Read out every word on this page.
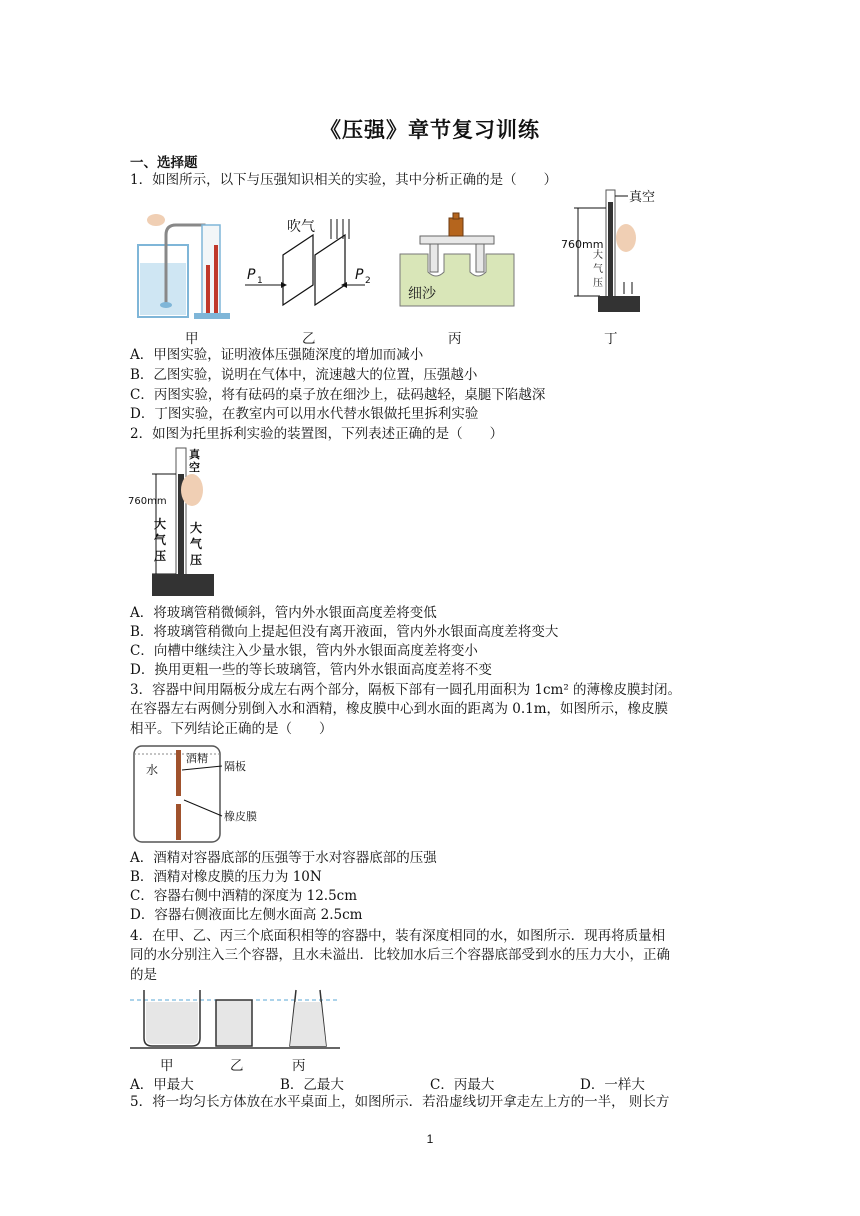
《压强》章节复习训练
一、选择题
1．如图所示，以下与压强知识相关的实验，其中分析正确的是（　　）
甲
吹气
P 1	P 2
乙
细沙
丙
真空
760mm
大
气
压
丁
A．甲图实验，证明液体压强随深度的增加而减小
B．乙图实验，说明在气体中，流速越大的位置，压强越小
C．丙图实验，将有砝码的桌子放在细沙上，砝码越轻，桌腿下陷越深
D．丁图实验，在教室内可以用水代替水银做托里拆利实验
2．如图为托里拆利实验的装置图，下列表述正确的是（　　）
真
空
760mm
大
气
压
大
气
压
A．将玻璃管稍微倾斜，管内外水银面高度差将变低
B．将玻璃管稍微向上提起但没有离开液面，管内外水银面高度差将变大
C．向槽中继续注入少量水银，管内外水银面高度差将变小
D．换用更粗一些的等长玻璃管，管内外水银面高度差将不变
3．容器中间用隔板分成左右两个部分，隔板下部有一圆孔用面积为 1cm² 的薄橡皮膜封闭。
在容器左右两侧分别倒入水和酒精，橡皮膜中心到水面的距离为 0.1m，如图所示，橡皮膜
相平。下列结论正确的是（　　）
水
酒精
隔板
橡皮膜
A．酒精对容器底部的压强等于水对容器底部的压强
B．酒精对橡皮膜的压力为 10N
C．容器右侧中酒精的深度为 12.5cm
D．容器右侧液面比左侧水面高 2.5cm
4．在甲、乙、丙三个底面积相等的容器中，装有深度相同的水，如图所示．现再将质量相
同的水分别注入三个容器，且水未溢出．比较加水后三个容器底部受到水的压力大小，正确
的是
甲	乙	丙
A．甲最大	B．乙最大	C．丙最大	D．一样大
5．将一均匀长方体放在水平桌面上，如图所示．若沿虚线切开拿走左上方的一半， 则长方
1
